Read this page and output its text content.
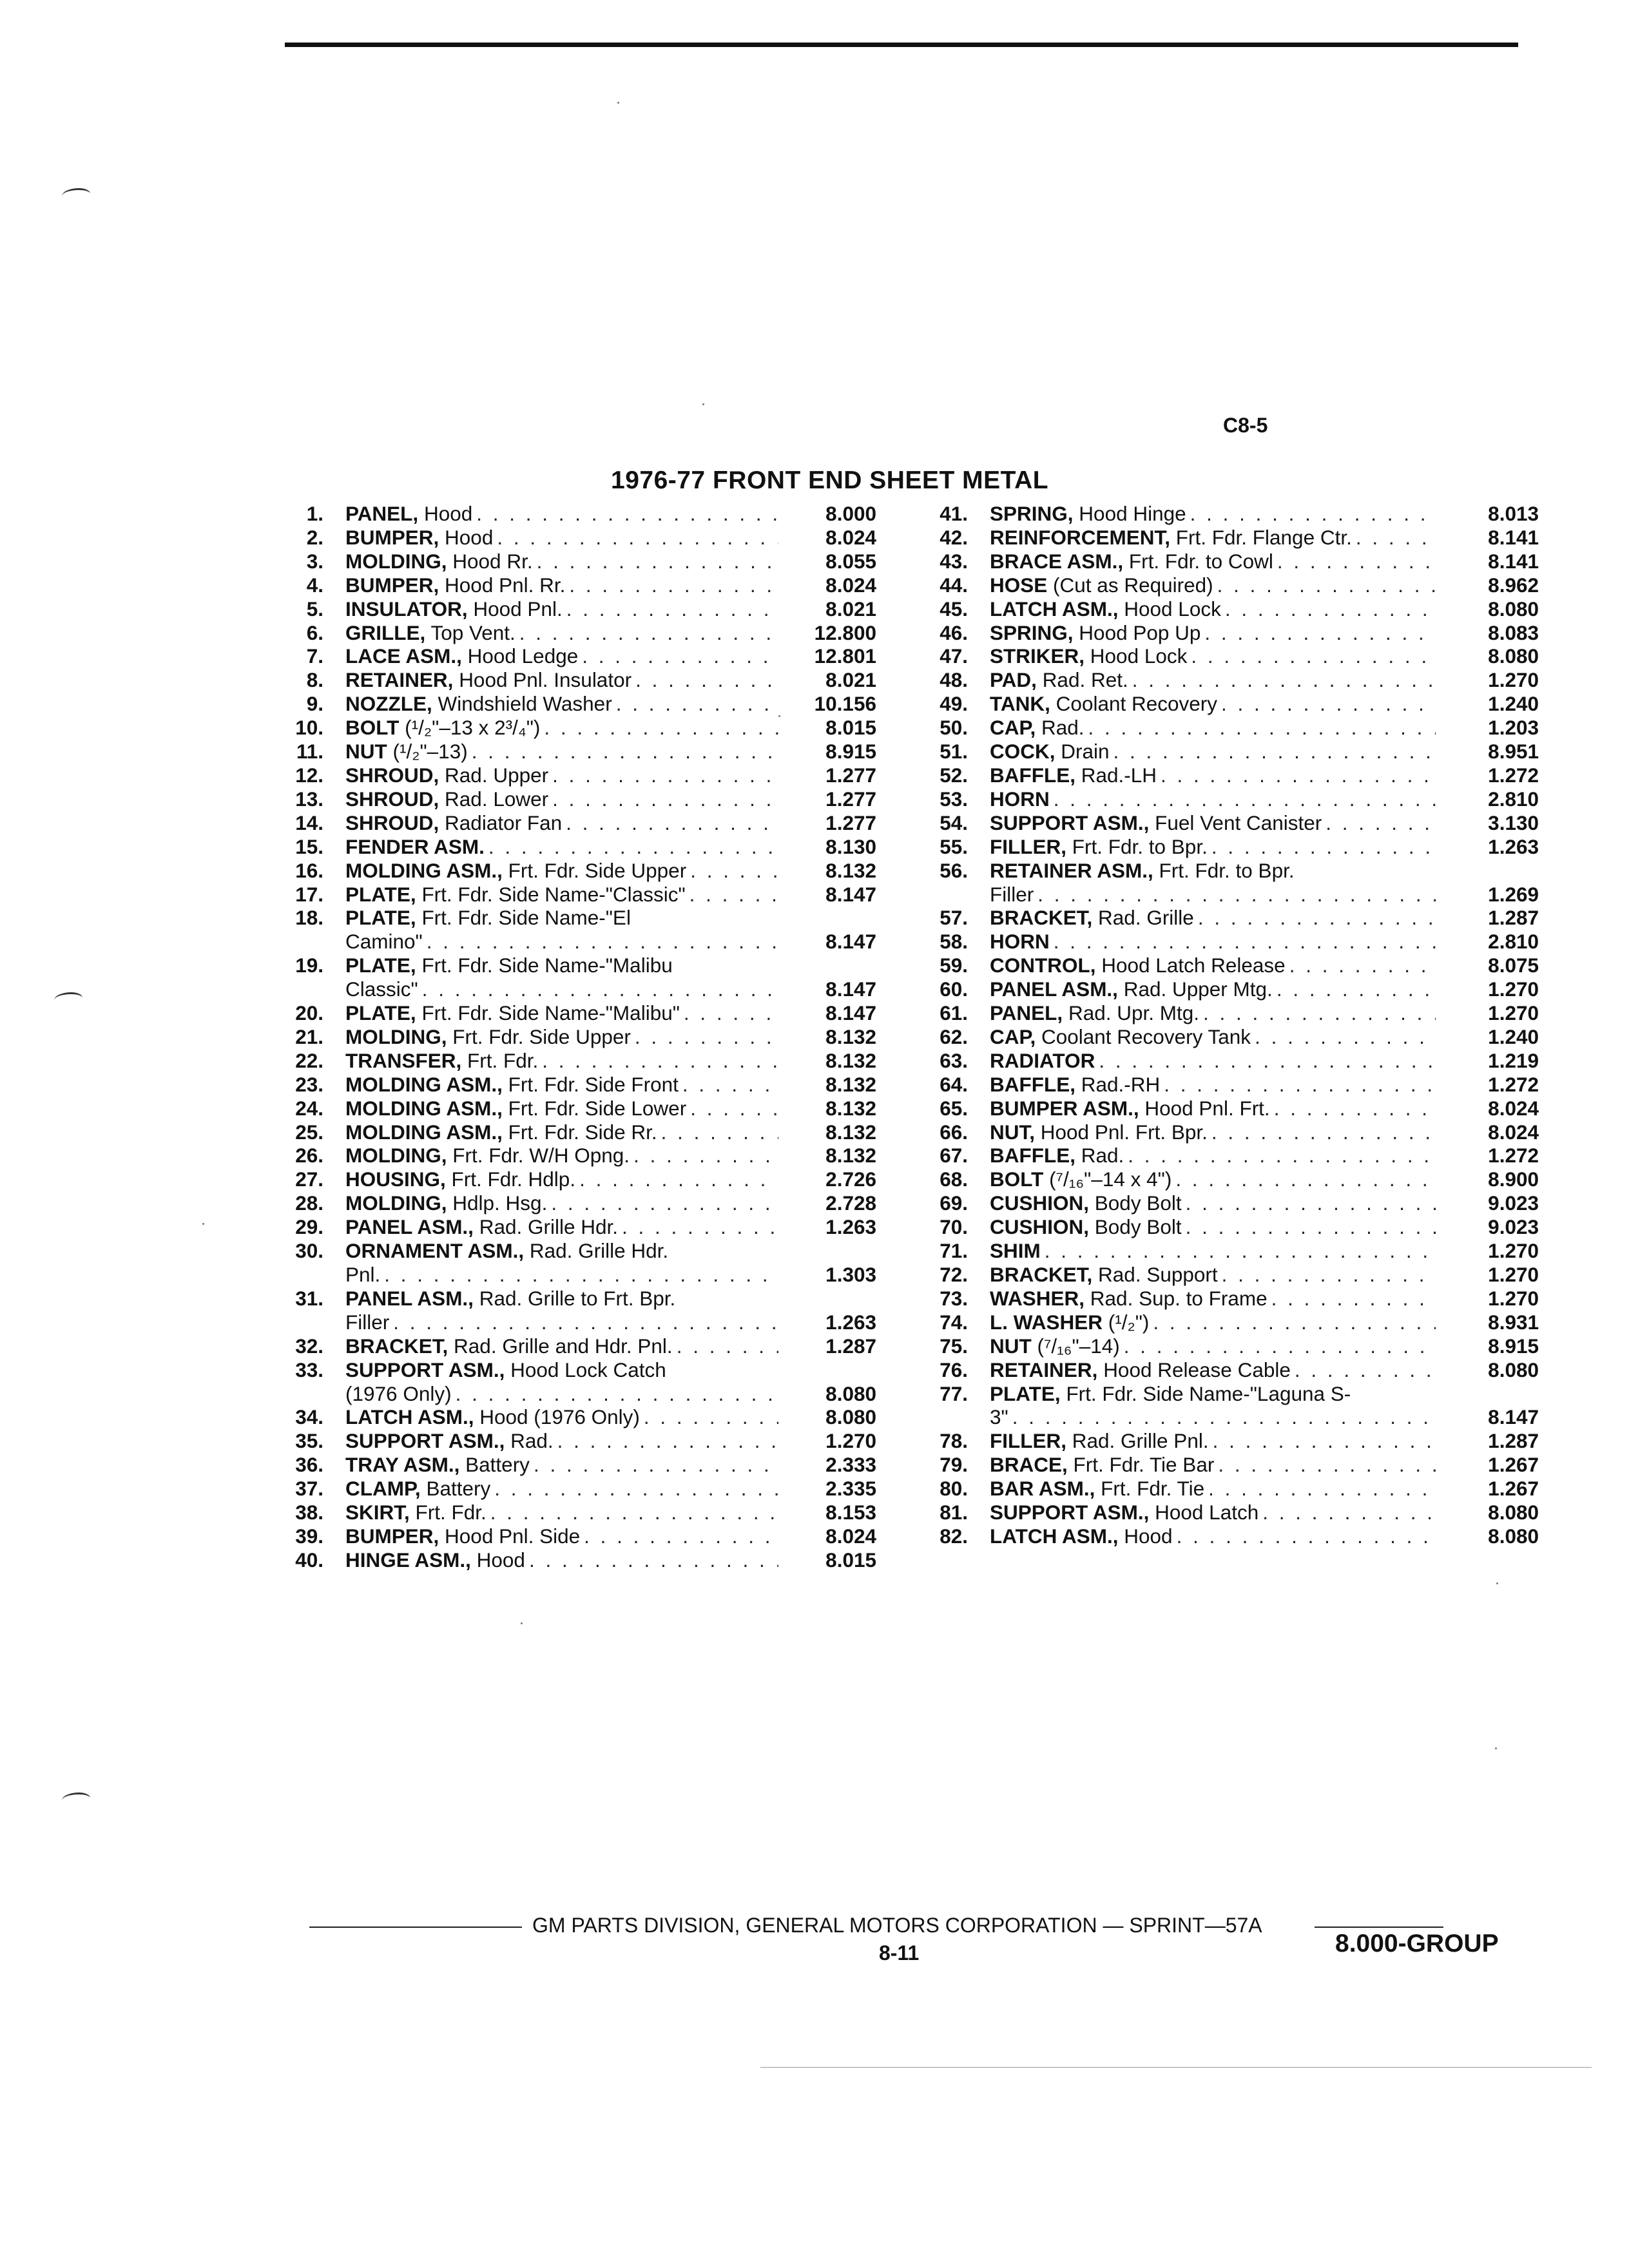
C8-5
1976-77 FRONT END SHEET METAL
1.	PANEL, Hood . . .	8.000
2.	BUMPER, Hood . . .	8.024
3.	MOLDING, Hood Rr. . . .	8.055
4.	BUMPER, Hood Pnl. Rr. . . .	8.024
5.	INSULATOR, Hood Pnl. . . .	8.021
6.	GRILLE, Top Vent. . . .	12.800
7.	LACE ASM., Hood Ledge . . .	12.801
8.	RETAINER, Hood Pnl. Insulator . . .	8.021
9.	NOZZLE, Windshield Washer . . .	10.156
10.	BOLT (¹/₂"–13 x 2³/₄") . . .	8.015
11.	NUT (¹/₂"–13) . . .	8.915
12.	SHROUD, Rad. Upper . . .	1.277
13.	SHROUD, Rad. Lower . . .	1.277
14.	SHROUD, Radiator Fan . . .	1.277
15.	FENDER ASM. . . .	8.130
16.	MOLDING ASM., Frt. Fdr. Side Upper . . .	8.132
17.	PLATE, Frt. Fdr. Side Name-"Classic" . . .	8.147
18.	PLATE, Frt. Fdr. Side Name-"El
Camino" . . .	8.147
19.	PLATE, Frt. Fdr. Side Name-"Malibu
Classic" . . .	8.147
20.	PLATE, Frt. Fdr. Side Name-"Malibu" . . .	8.147
21.	MOLDING, Frt. Fdr. Side Upper . . .	8.132
22.	TRANSFER, Frt. Fdr. . . .	8.132
23.	MOLDING ASM., Frt. Fdr. Side Front . . .	8.132
24.	MOLDING ASM., Frt. Fdr. Side Lower . . .	8.132
25.	MOLDING ASM., Frt. Fdr. Side Rr. . . .	8.132
26.	MOLDING, Frt. Fdr. W/H Opng. . . .	8.132
27.	HOUSING, Frt. Fdr. Hdlp. . . .	2.726
28.	MOLDING, Hdlp. Hsg. . . .	2.728
29.	PANEL ASM., Rad. Grille Hdr. . . .	1.263
30.	ORNAMENT ASM., Rad. Grille Hdr.
Pnl. . . .	1.303
31.	PANEL ASM., Rad. Grille to Frt. Bpr.
Filler . . .	1.263
32.	BRACKET, Rad. Grille and Hdr. Pnl. . . .	1.287
33.	SUPPORT ASM., Hood Lock Catch
(1976 Only) . . .	8.080
34.	LATCH ASM., Hood (1976 Only) . . .	8.080
35.	SUPPORT ASM., Rad. . . .	1.270
36.	TRAY ASM., Battery . . .	2.333
37.	CLAMP, Battery . . .	2.335
38.	SKIRT, Frt. Fdr. . . .	8.153
39.	BUMPER, Hood Pnl. Side . . .	8.024
40.	HINGE ASM., Hood . . .	8.015
41.	SPRING, Hood Hinge . . .	8.013
42.	REINFORCEMENT, Frt. Fdr. Flange Ctr. . . .	8.141
43.	BRACE ASM., Frt. Fdr. to Cowl . . .	8.141
44.	HOSE (Cut as Required) . . .	8.962
45.	LATCH ASM., Hood Lock . . .	8.080
46.	SPRING, Hood Pop Up . . .	8.083
47.	STRIKER, Hood Lock . . .	8.080
48.	PAD, Rad. Ret. . . .	1.270
49.	TANK, Coolant Recovery . . .	1.240
50.	CAP, Rad. . . .	1.203
51.	COCK, Drain . . .	8.951
52.	BAFFLE, Rad.-LH . . .	1.272
53.	HORN . . .	2.810
54.	SUPPORT ASM., Fuel Vent Canister . . .	3.130
55.	FILLER, Frt. Fdr. to Bpr. . . .	1.263
56.	RETAINER ASM., Frt. Fdr. to Bpr.
Filler . . .	1.269
57.	BRACKET, Rad. Grille . . .	1.287
58.	HORN . . .	2.810
59.	CONTROL, Hood Latch Release . . .	8.075
60.	PANEL ASM., Rad. Upper Mtg. . . .	1.270
61.	PANEL, Rad. Upr. Mtg. . . .	1.270
62.	CAP, Coolant Recovery Tank . . .	1.240
63.	RADIATOR . . .	1.219
64.	BAFFLE, Rad.-RH . . .	1.272
65.	BUMPER ASM., Hood Pnl. Frt. . . .	8.024
66.	NUT, Hood Pnl. Frt. Bpr. . . .	8.024
67.	BAFFLE, Rad. . . .	1.272
68.	BOLT (⁷/₁₆"–14 x 4") . . .	8.900
69.	CUSHION, Body Bolt . . .	9.023
70.	CUSHION, Body Bolt . . .	9.023
71.	SHIM . . .	1.270
72.	BRACKET, Rad. Support . . .	1.270
73.	WASHER, Rad. Sup. to Frame . . .	1.270
74.	L. WASHER (¹/₂") . . .	8.931
75.	NUT (⁷/₁₆"–14) . . .	8.915
76.	RETAINER, Hood Release Cable . . .	8.080
77.	PLATE, Frt. Fdr. Side Name-"Laguna S-
3" . . .	8.147
78.	FILLER, Rad. Grille Pnl. . . .	1.287
79.	BRACE, Frt. Fdr. Tie Bar . . .	1.267
80.	BAR ASM., Frt. Fdr. Tie . . .	1.267
81.	SUPPORT ASM., Hood Latch . . .	8.080
82.	LATCH ASM., Hood . . .	8.080
GM PARTS DIVISION, GENERAL MOTORS CORPORATION — SPRINT—57A
8-11	8.000-GROUP
